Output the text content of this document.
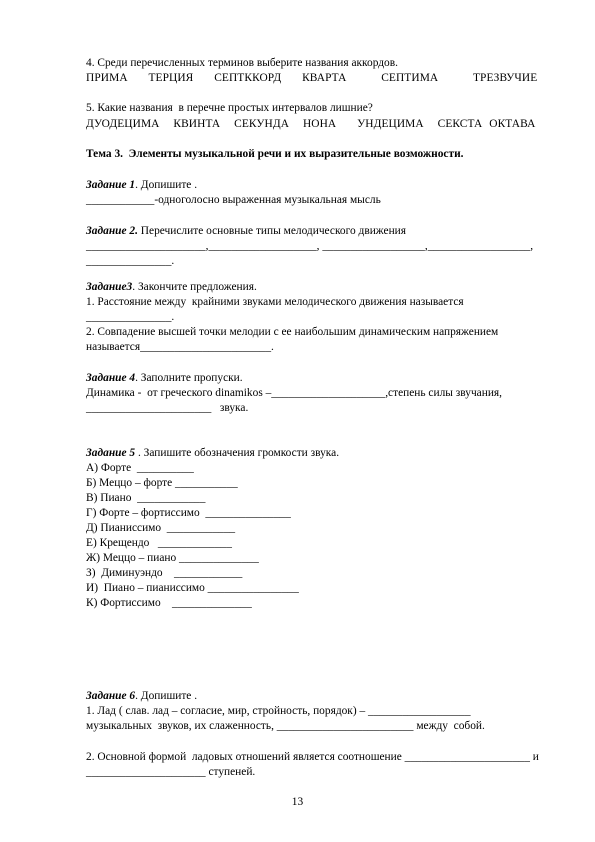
4. Среди перечисленных терминов выберите названия аккордов.
ПРИМА   ТЕРЦИЯ   СЕПТККОРД   КВАРТА     СЕПТИМА     ТРЕЗВУЧИЕ
5. Какие названия  в перечне простых интервалов лишние?
ДУОДЕЦИМА  КВИНТА  СЕКУНДА  НОНА   УНДЕЦИМА  СЕКСТА ОКТАВА
Тема 3.  Элементы музыкальной речи и их выразительные возможности.
Задание 1. Допишите .
____________-одноголосно выраженная музыкальная мысль
Задание 2. Перечислите основные типы мелодического движения
_____________________,___________________, __________________,__________________,
_______________.
Задание3. Закончите предложения.
1. Расстояние между  крайними звуками мелодического движения называется
_______________.
2. Совпадение высшей точки мелодии с ее наибольшим динамическим напряжением
называется_______________________.
Задание 4. Заполните пропуски.
Динамика -  от греческого dinamikos –____________________,степень силы звучания,
______________________   звука.
Задание 5 . Запишите обозначения громкости звука.
А) Форте  __________
Б) Меццо – форте ___________
В) Пиано  ____________
Г) Форте – фортиссимо  _______________
Д) Пианиссимо  ____________
Е) Крещендо   _____________
Ж) Меццо – пиано ______________
З)  Диминуэндо    ____________
И)  Пиано – пианиссимо ________________
К) Фортиссимо    ______________
Задание 6. Допишите .
1. Лад ( слав. лад – согласие, мир, стройность, порядок) – __________________
музыкальных  звуков, их слаженность, ________________________ между  собой.
2. Основной формой  ладовых отношений является соотношение ______________________ и
_____________________ ступеней.
13
